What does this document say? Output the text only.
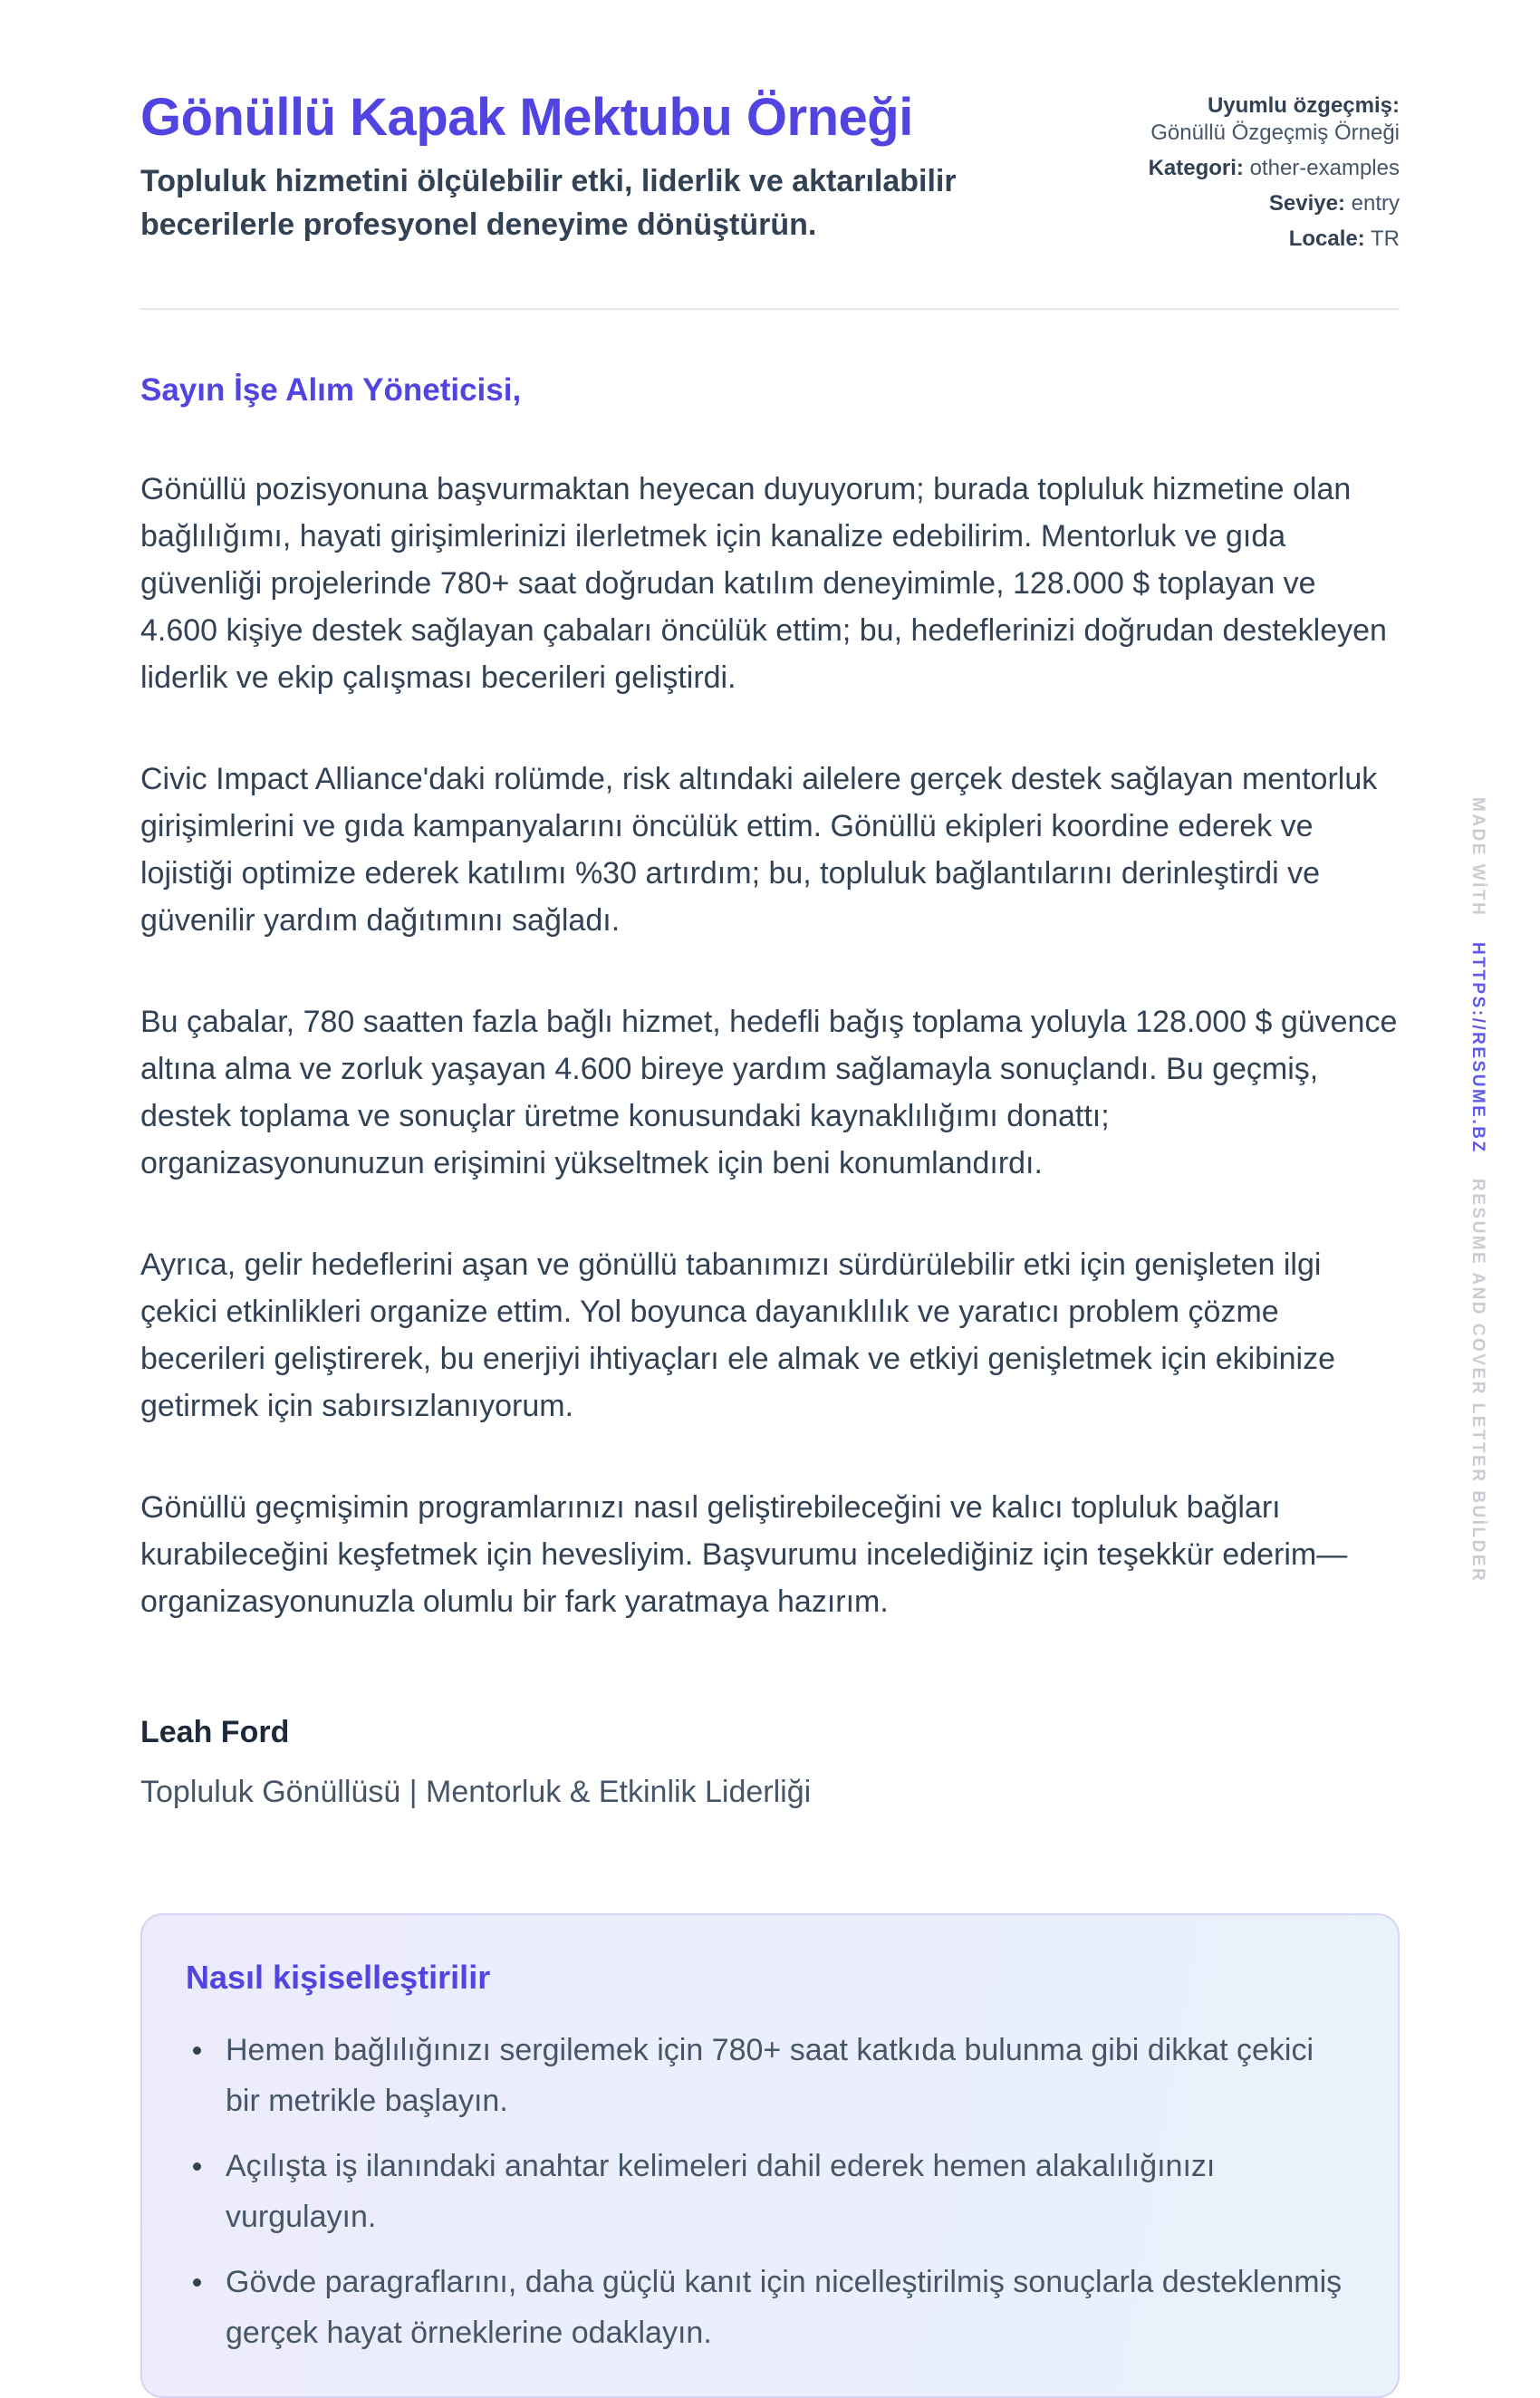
Gönüllü Kapak Mektubu Örneği
Topluluk hizmetini ölçülebilir etki, liderlik ve aktarılabilir becerilerle profesyonel deneyime dönüştürün.
Uyumlu özgeçmiş:
Gönüllü Özgeçmiş Örneği
Kategori: other-examples
Seviye: entry
Locale: TR

Sayın İşe Alım Yöneticisi,

Gönüllü pozisyonuna başvurmaktan heyecan duyuyorum; burada topluluk hizmetine olan bağlılığımı, hayati girişimlerinizi ilerletmek için kanalize edebilirim. Mentorluk ve gıda güvenliği projelerinde 780+ saat doğrudan katılım deneyimimle, 128.000 $ toplayan ve 4.600 kişiye destek sağlayan çabaları öncülük ettim; bu, hedeflerinizi doğrudan destekleyen liderlik ve ekip çalışması becerileri geliştirdi.

Civic Impact Alliance'daki rolümde, risk altındaki ailelere gerçek destek sağlayan mentorluk girişimlerini ve gıda kampanyalarını öncülük ettim. Gönüllü ekipleri koordine ederek ve lojistiği optimize ederek katılımı %30 artırdım; bu, topluluk bağlantılarını derinleştirdi ve güvenilir yardım dağıtımını sağladı.

Bu çabalar, 780 saatten fazla bağlı hizmet, hedefli bağış toplama yoluyla 128.000 $ güvence altına alma ve zorluk yaşayan 4.600 bireye yardım sağlamayla sonuçlandı. Bu geçmiş, destek toplama ve sonuçlar üretme konusundaki kaynaklılığımı donattı; organizasyonunuzun erişimini yükseltmek için beni konumlandırdı.

Ayrıca, gelir hedeflerini aşan ve gönüllü tabanımızı sürdürülebilir etki için genişleten ilgi çekici etkinlikleri organize ettim. Yol boyunca dayanıklılık ve yaratıcı problem çözme becerileri geliştirerek, bu enerjiyi ihtiyaçları ele almak ve etkiyi genişletmek için ekibinize getirmek için sabırsızlanıyorum.

Gönüllü geçmişimin programlarınızı nasıl geliştirebileceğini ve kalıcı topluluk bağları kurabileceğini keşfetmek için hevesliyim. Başvurumu incelediğiniz için teşekkür ederim—organizasyonunuzla olumlu bir fark yaratmaya hazırım.

Leah Ford

Topluluk Gönüllüsü | Mentorluk & Etkinlik Liderliği

Nasıl kişiselleştirilir
Hemen bağlılığınızı sergilemek için 780+ saat katkıda bulunma gibi dikkat çekici bir metrikle başlayın.
Açılışta iş ilanındaki anahtar kelimeleri dahil ederek hemen alakalılığınızı vurgulayın.
Gövde paragraflarını, daha güçlü kanıt için nicelleştirilmiş sonuçlarla desteklenmiş gerçek hayat örneklerine odaklayın.
MADE WİTH HTTPS://RESUME.BZ RESUME AND COVER LETTER BUİLDER
